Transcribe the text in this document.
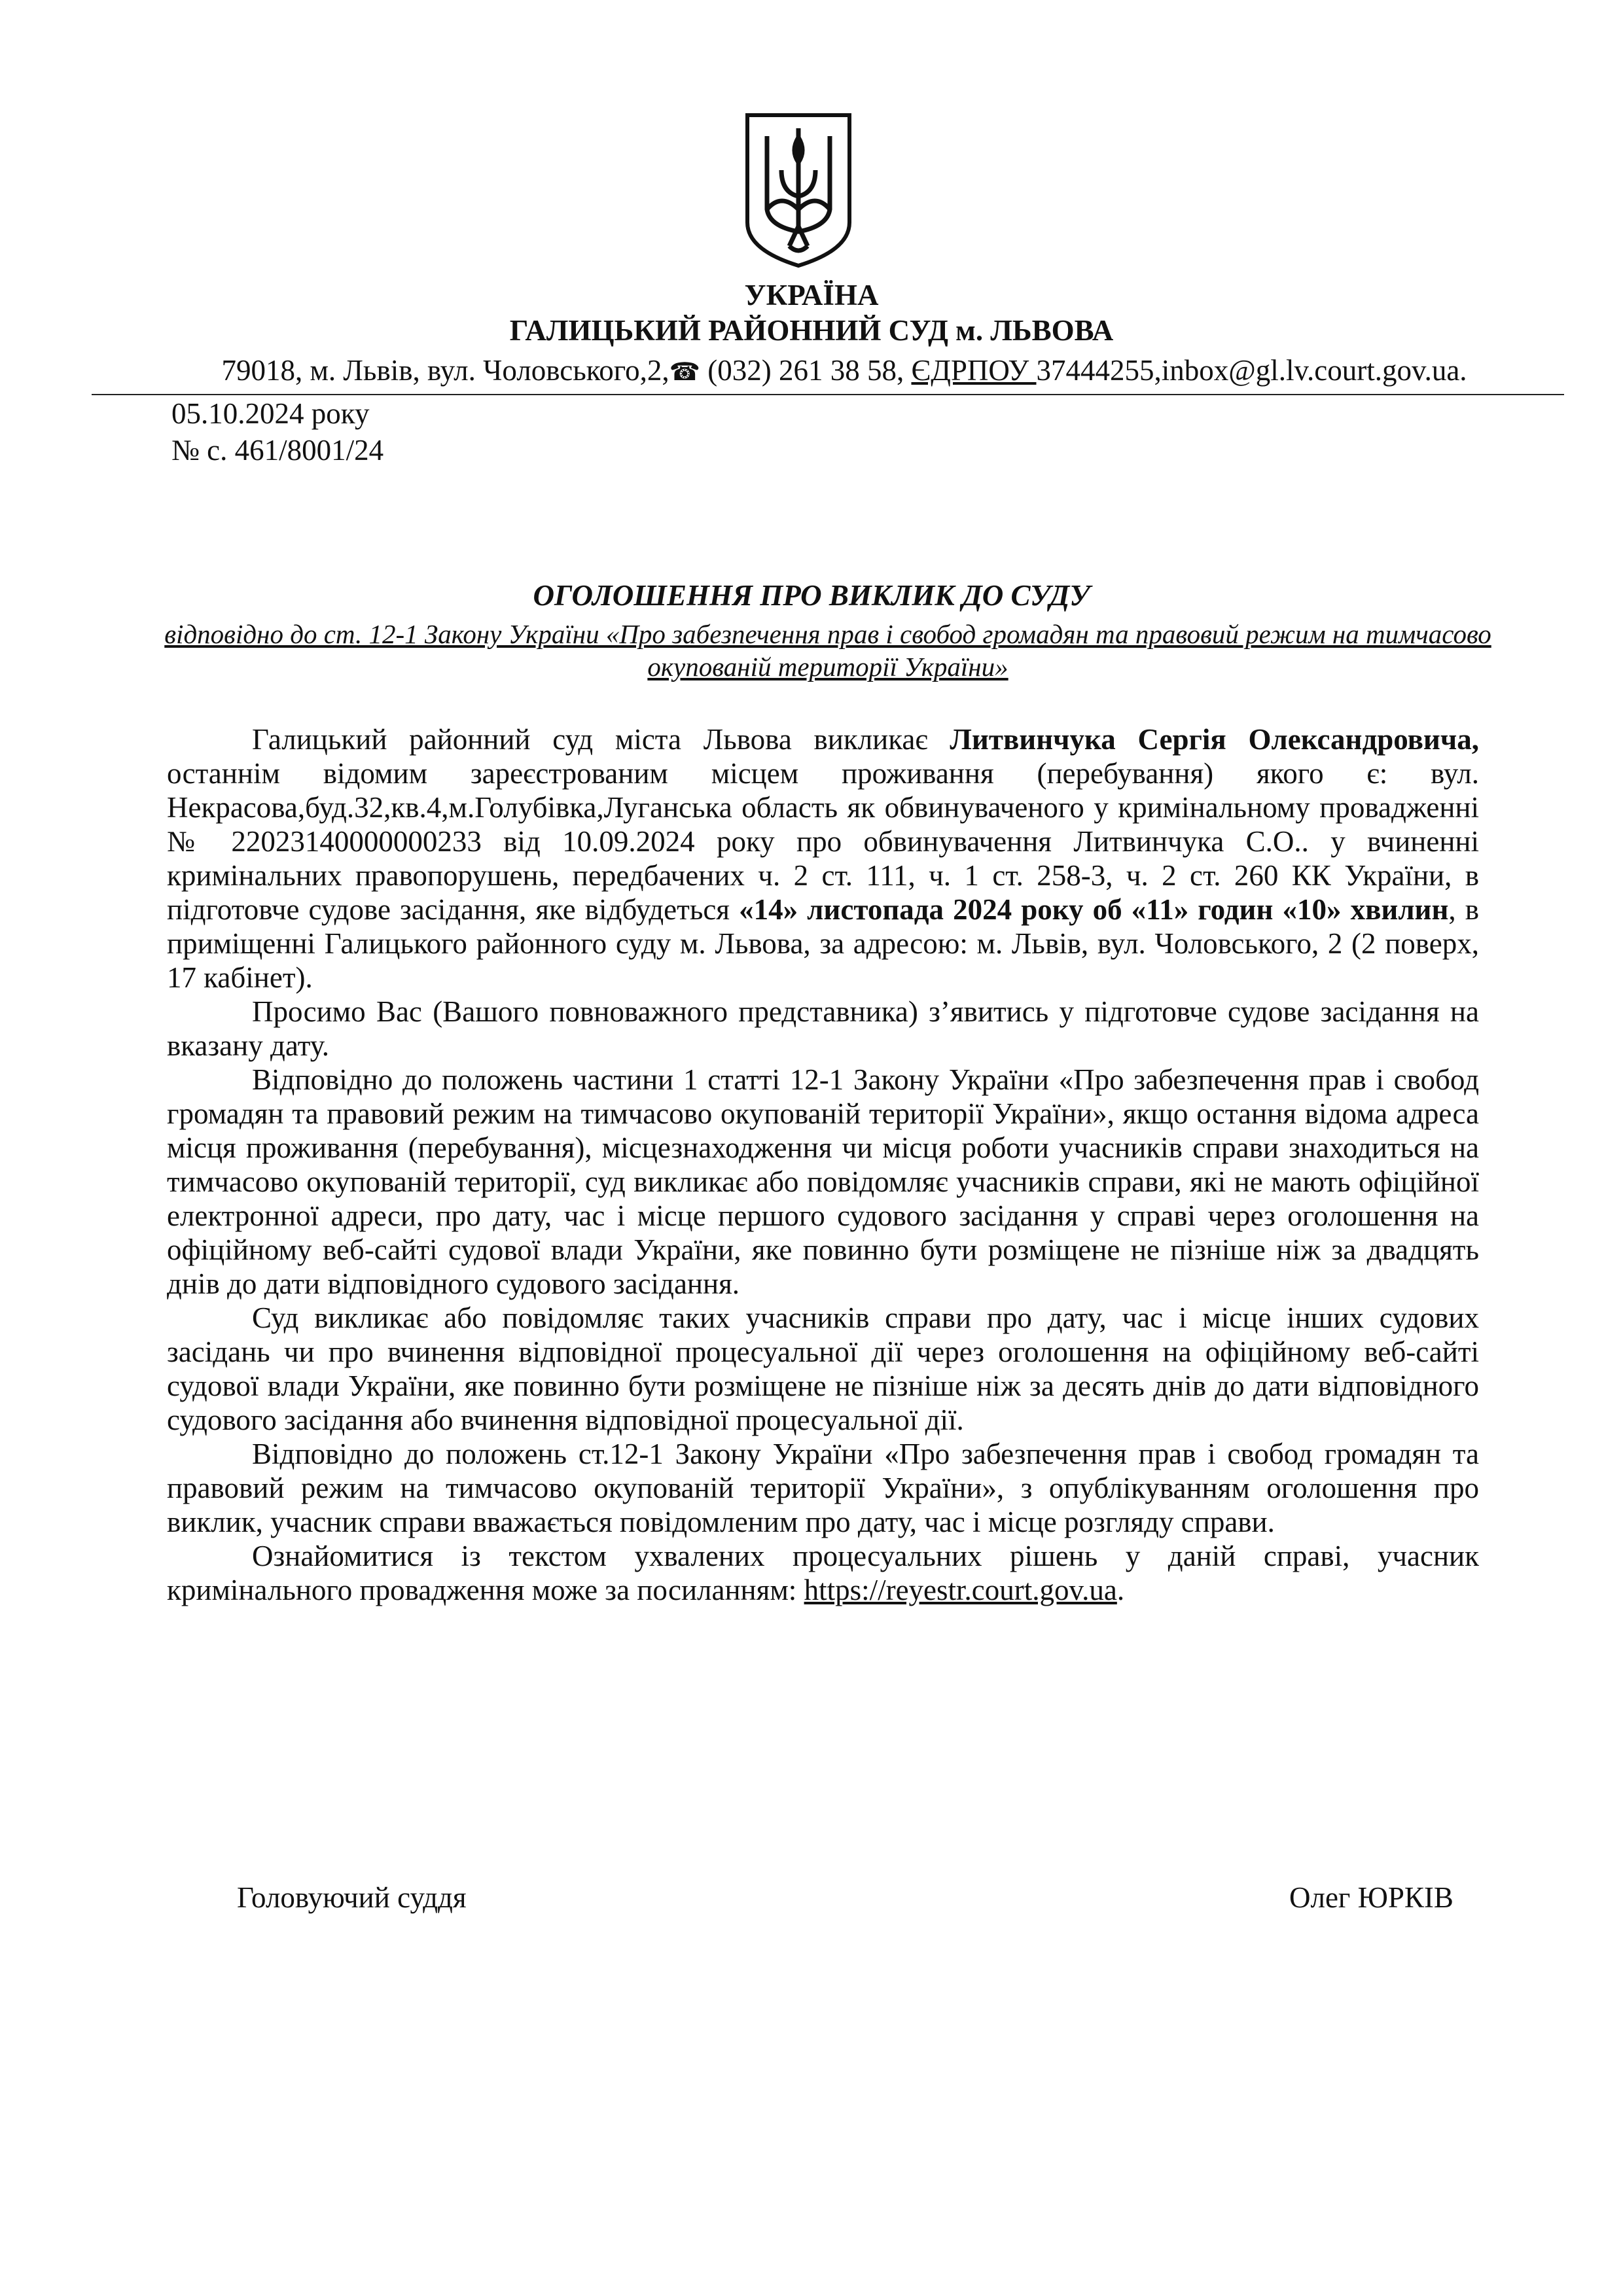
УКРАЇНА
ГАЛИЦЬКИЙ РАЙОННИЙ СУД м. ЛЬВОВА
79018, м. Львів, вул. Чоловського,2,☎ (032) 261 38 58, ЄДРПОУ 37444255,inbox@gl.lv.court.gov.ua.
05.10.2024 року
№ с. 461/8001/24
ОГОЛОШЕННЯ ПРО ВИКЛИК ДО СУДУ
відповідно до ст. 12-1 Закону України «Про забезпечення прав і свобод громадян та правовий режим на тимчасово окупованій території України»

Галицький районний суд міста Львова викликає Литвинчука Сергія Олександровича, останнім відомим зареєстрованим місцем проживання (перебування) якого є: вул. Некрасова,буд.32,кв.4,м.Голубівка,Луганська область як обвинуваченого у кримінальному провадженні № 22023140000000233 від 10.09.2024 року про обвинувачення Литвинчука С.О.. у вчиненні кримінальних правопорушень, передбачених ч. 2 ст. 111, ч. 1 ст. 258-3, ч. 2 ст. 260 КК України, в підготовче судове засідання, яке відбудеться «14» листопада 2024 року об «11» годин «10» хвилин, в приміщенні Галицького районного суду м. Львова, за адресою: м. Львів, вул. Чоловського, 2 (2 поверх, 17 кабінет).

Просимо Вас (Вашого повноважного представника) з’явитись у підготовче судове засідання на вказану дату.

Відповідно до положень частини 1 статті 12-1 Закону України «Про забезпечення прав і свобод громадян та правовий режим на тимчасово окупованій території України», якщо остання відома адреса місця проживання (перебування), місцезнаходження чи місця роботи учасників справи знаходиться на тимчасово окупованій території, суд викликає або повідомляє учасників справи, які не мають офіційної електронної адреси, про дату, час і місце першого судового засідання у справі через оголошення на офіційному веб-сайті судової влади України, яке повинно бути розміщене не пізніше ніж за двадцять днів до дати відповідного судового засідання.

Суд викликає або повідомляє таких учасників справи про дату, час і місце інших судових засідань чи про вчинення відповідної процесуальної дії через оголошення на офіційному веб-сайті судової влади України, яке повинно бути розміщене не пізніше ніж за десять днів до дати відповідного судового засідання або вчинення відповідної процесуальної дії.

Відповідно до положень ст.12-1 Закону України «Про забезпечення прав і свобод громадян та правовий режим на тимчасово окупованій території України», з опублікуванням оголошення про виклик, учасник справи вважається повідомленим про дату, час і місце розгляду справи.

Ознайомитися із текстом ухвалених процесуальних рішень у даній справі, учасник кримінального провадження може за посиланням: https://reyestr.court.gov.ua.

Головуючий суддя	Олег ЮРКІВ
